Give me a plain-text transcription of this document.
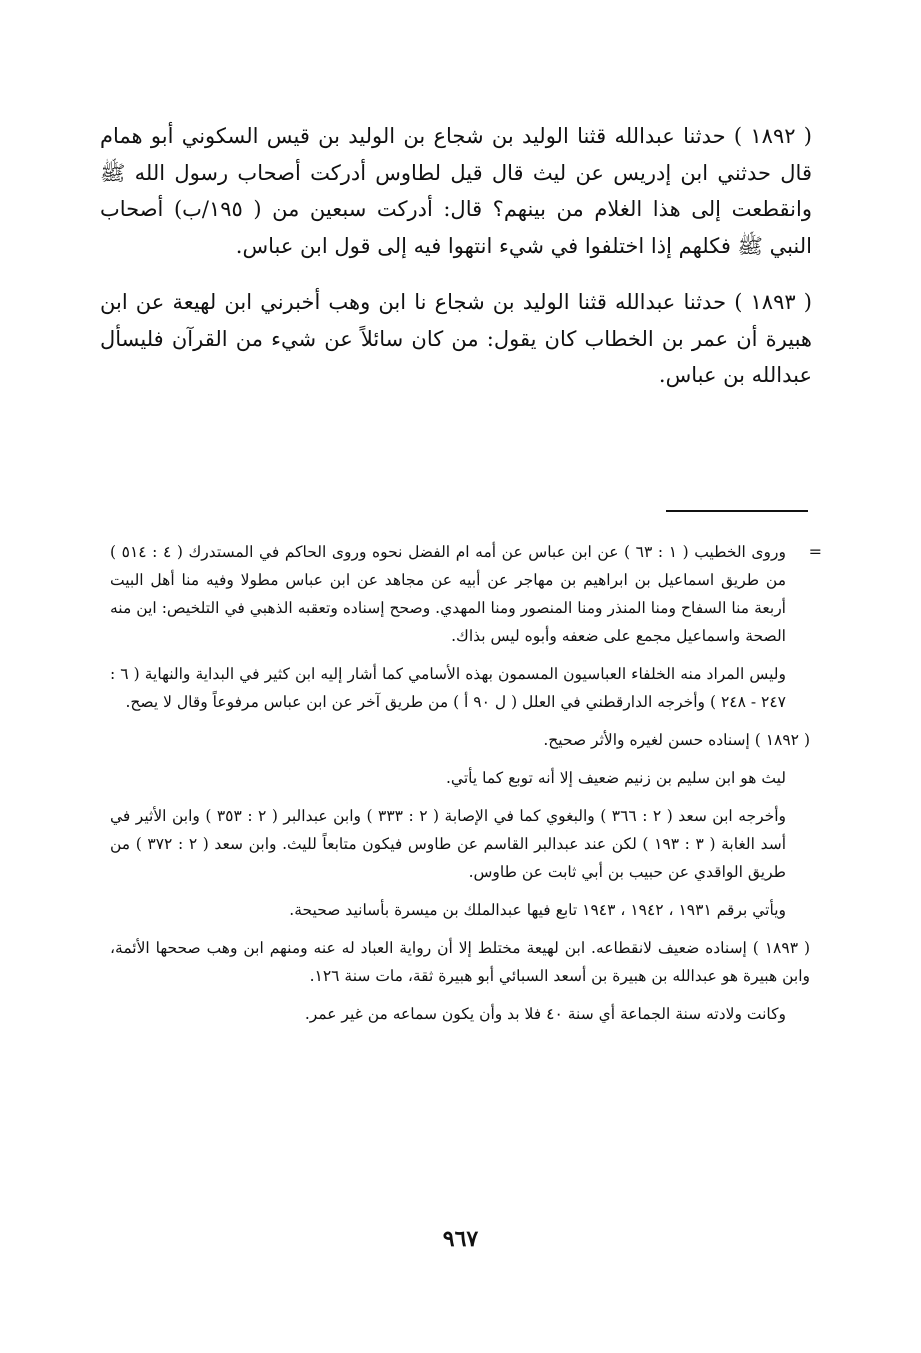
( ١٨٩٢ ) حدثنا عبدالله قثنا الوليد بن شجاع بن الوليد بن قيس السكوني أبو همام قال حدثني ابن إدريس عن ليث قال قيل لطاوس أدركت أصحاب رسول الله ﷺ وانقطعت إلى هذا الغلام من بينهم؟ قال: أدركت سبعين من ( ١٩٥/ب) أصحاب النبي ﷺ فكلهم إذا اختلفوا في شيء انتهوا فيه إلى قول ابن عباس.

( ١٨٩٣ ) حدثنا عبدالله قثنا الوليد بن شجاع نا ابن وهب أخبرني ابن لهيعة عن ابن هبيرة أن عمر بن الخطاب كان يقول: من كان سائلاً عن شيء من القرآن فليسأل عبدالله بن عباس.

=
وروى الخطيب ( ١ : ٦٣ ) عن ابن عباس عن أمه ام الفضل نحوه وروى الحاكم في المستدرك ( ٤ : ٥١٤ ) من طريق اسماعيل بن ابراهيم بن مهاجر عن أبيه عن مجاهد عن ابن عباس مطولا وفيه منا أهل البيت أربعة منا السفاح ومنا المنذر ومنا المنصور ومنا المهدي. وصحح إسناده وتعقبه الذهبي في التلخيص: اين منه الصحة واسماعيل مجمع على ضعفه وأبوه ليس بذاك.
وليس المراد منه الخلفاء العباسيون المسمون بهذه الأسامي كما أشار إليه ابن كثير في البداية والنهاية ( ٦ : ٢٤٧ - ٢٤٨ ) وأخرجه الدارقطني في العلل ( ل ٩٠ أ ) من طريق آخر عن ابن عباس مرفوعاً وقال لا يصح.
( ١٨٩٢ ) إسناده حسن لغيره والأثر صحيح.
ليث هو ابن سليم بن زنيم ضعيف إلا أنه توبع كما يأتي.
وأخرجه ابن سعد ( ٢ : ٣٦٦ ) والبغوي كما في الإصابة ( ٢ : ٣٣٣ ) وابن عبدالبر ( ٢ : ٣٥٣ ) وابن الأثير في أسد الغابة ( ٣ : ١٩٣ ) لكن عند عبدالبر القاسم عن طاوس فيكون متابعاً لليث. وابن سعد ( ٢ : ٣٧٢ ) من طريق الواقدي عن حبيب بن أبي ثابت عن طاوس.
ويأتي برقم ١٩٣١ ، ١٩٤٢ ، ١٩٤٣ تابع فيها عبدالملك بن ميسرة بأسانيد صحيحة.
( ١٨٩٣ ) إسناده ضعيف لانقطاعه. ابن لهيعة مختلط إلا أن رواية العباد له عنه ومنهم ابن وهب صححها الأئمة، وابن هبيرة هو عبدالله بن هبيرة بن أسعد السبائي أبو هبيرة ثقة، مات سنة ١٢٦.
وكانت ولادته سنة الجماعة أي سنة ٤٠ فلا بد وأن يكون سماعه من غير عمر.
٩٦٧
